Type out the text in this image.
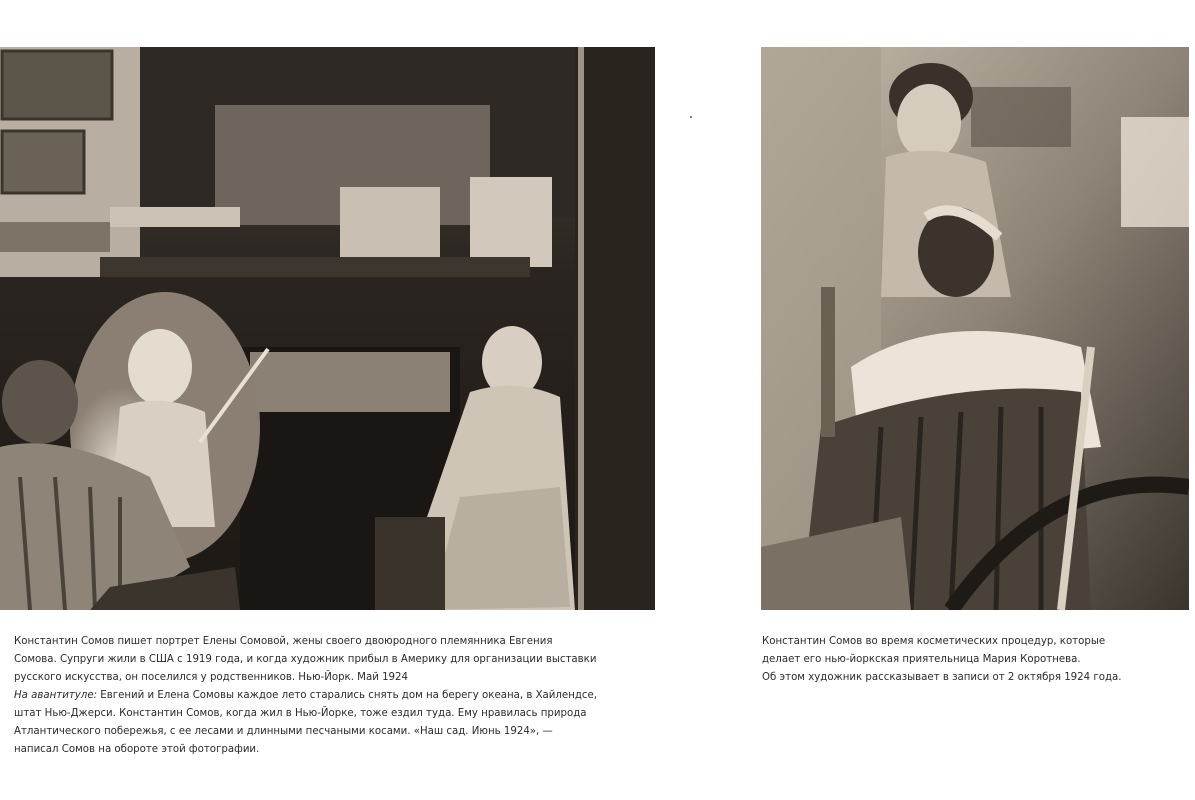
Константин Сомов пишет портрет Елены Сомовой, жены своего двоюродного племянника Евгения

Сомова. Супруги жили в США с 1919 года, и когда художник прибыл в Америку для организации выставки

русского искусства, он поселился у родственников. Нью-Йорк. Май 1924

На авантитуле: Евгений и Елена Сомовы каждое лето старались снять дом на берегу океана, в Хайлендсе,

штат Нью-Джерси. Константин Сомов, когда жил в Нью-Йорке, тоже ездил туда. Ему нравилась природа

Атлантического побережья, с ее лесами и длинными песчаными косами. «Наш сад. Июнь 1924», —

написал Сомов на обороте этой фотографии.

Константин Сомов во время косметических процедур, которые

делает его нью-йоркская приятельница Мария Коротнева.

Об этом художник рассказывает в записи от 2 октября 1924 года.
